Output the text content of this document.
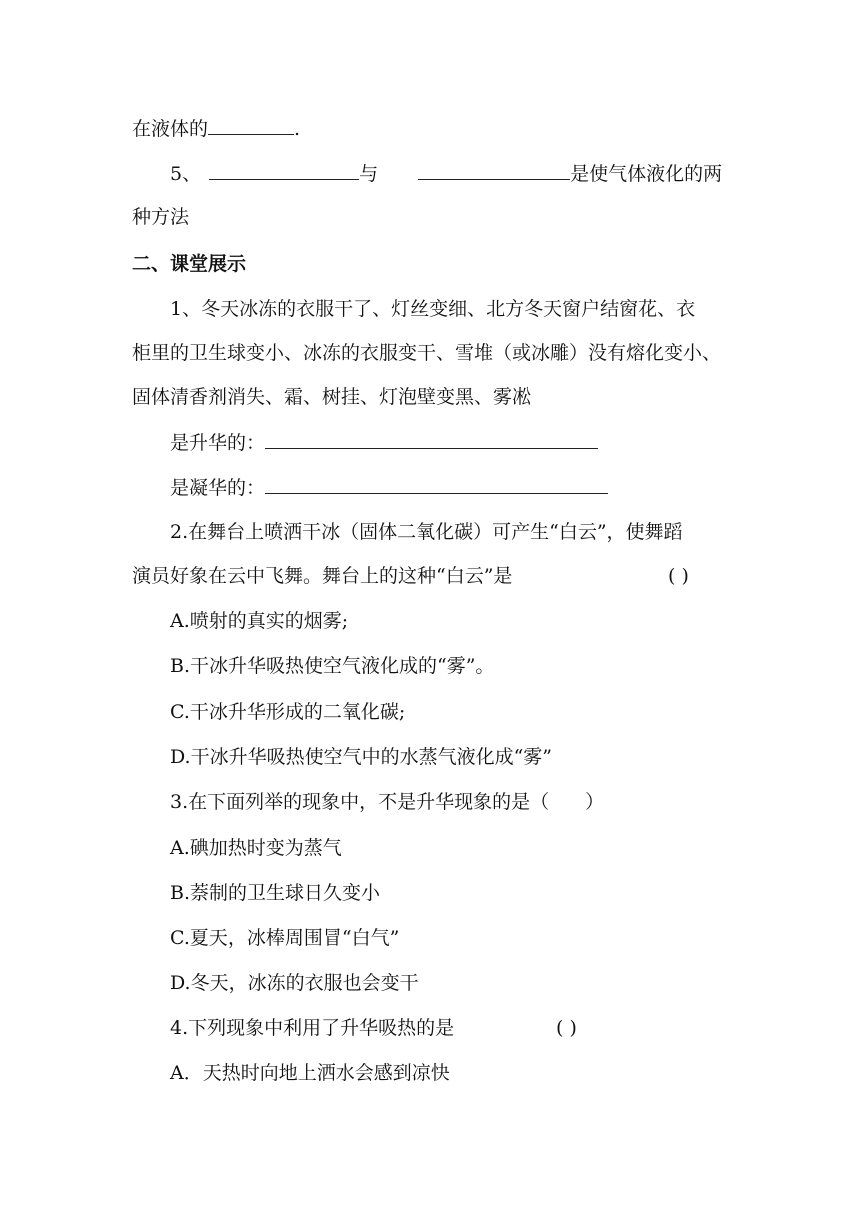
在液体的	.
5、	与	是使气体液化的两
种方法
二、课堂展示
1、冬天冰冻的衣服干了、灯丝变细、北方冬天窗户结窗花、衣
柜里的卫生球变小、冰冻的衣服变干、雪堆（或冰雕）没有熔化变小、
固体清香剂消失、霜、树挂、灯泡壁变黑、雾凇
是升华的：
是凝华的：
2.在舞台上喷洒干冰（固体二氧化碳）可产生“白云”，使舞蹈
演员好象在云中飞舞。舞台上的这种“白云”是	( )
A.喷射的真实的烟雾;
B.干冰升华吸热使空气液化成的“雾”。
C.干冰升华形成的二氧化碳;
D.干冰升华吸热使空气中的水蒸气液化成“雾”
3.在下面列举的现象中，不是升华现象的是（ ）
A.碘加热时变为蒸气
B.萘制的卫生球日久变小
C.夏天，冰棒周围冒“白气”
D.冬天，冰冻的衣服也会变干
4.下列现象中利用了升华吸热的是	( )
A．天热时向地上洒水会感到凉快
